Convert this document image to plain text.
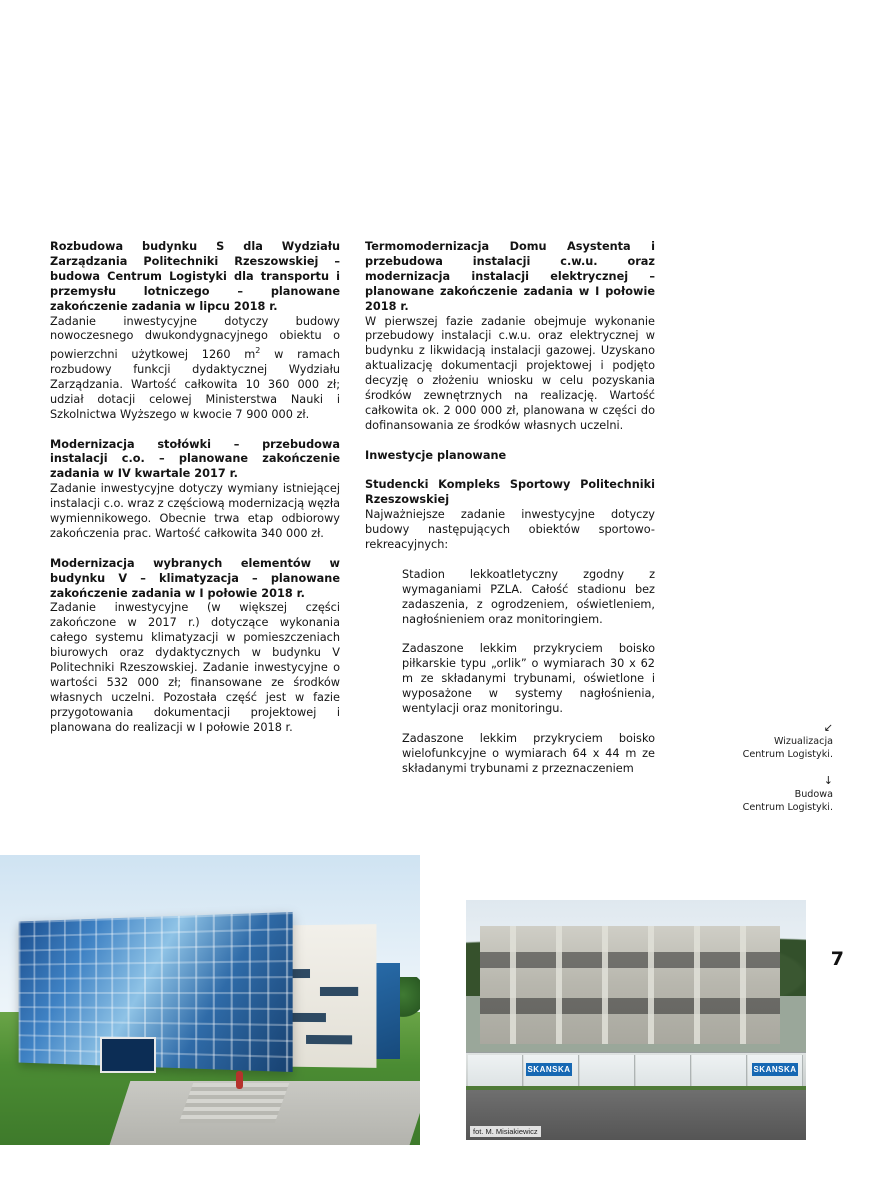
Rozbudowa budynku S dla Wydziału Zarządzania Politechniki Rzeszowskiej – budowa Centrum Logistyki dla transportu i przemysłu lotniczego – planowane zakończenie zadania w lipcu 2018 r.
Zadanie inwestycyjne dotyczy budowy nowoczesnego dwukondygnacyjnego obiektu o powierzchni użytkowej 1260 $m^2$ w ramach rozbudowy funkcji dydaktycznej Wydziału Zarządzania. Wartość całkowita 10 360 000 zł; udział dotacji celowej Ministerstwa Nauki i Szkolnictwa Wyższego w kwocie 7 900 000 zł.
Modernizacja stołówki – przebudowa instalacji c.o. – planowane zakończenie zadania w IV kwartale 2017 r.
Zadanie inwestycyjne dotyczy wymiany istniejącej instalacji c.o. wraz z częściową modernizacją węzła wymiennikowego. Obecnie trwa etap odbiorowy zakończenia prac. Wartość całkowita 340 000 zł.
Modernizacja wybranych elementów w budynku V – klimatyzacja – planowane zakończenie zadania w I połowie 2018 r.
Zadanie inwestycyjne (w większej części zakończone w 2017 r.) dotyczące wykonania całego systemu klimatyzacji w pomieszczeniach biurowych oraz dydaktycznych w budynku V Politechniki Rzeszowskiej. Zadanie inwestycyjne o wartości 532 000 zł; finansowane ze środków własnych uczelni. Pozostała część jest w fazie przygotowania dokumentacji projektowej i planowana do realizacji w I połowie 2018 r.
Termomodernizacja Domu Asystenta i przebudowa instalacji c.w.u. oraz modernizacja instalacji elektrycznej – planowane zakończenie zadania w I połowie 2018 r.
W pierwszej fazie zadanie obejmuje wykonanie przebudowy instalacji c.w.u. oraz elektrycznej w budynku z likwidacją instalacji gazowej. Uzyskano aktualizację dokumentacji projektowej i podjęto decyzję o złożeniu wniosku w celu pozyskania środków zewnętrznych na realizację. Wartość całkowita ok. 2 000 000 zł, planowana w części do dofinansowania ze środków własnych uczelni.
Inwestycje planowane
Studencki Kompleks Sportowy Politechniki Rzeszowskiej
Najważniejsze zadanie inwestycyjne dotyczy budowy następujących obiektów sportowo-rekreacyjnych:
Stadion lekkoatletyczny zgodny z wymaganiami PZLA. Całość stadionu bez zadaszenia, z ogrodzeniem, oświetleniem, nagłośnieniem oraz monitoringiem.
Zadaszone lekkim przykryciem boisko piłkarskie typu „orlik” o wymiarach 30 x 62 m ze składanymi trybunami, oświetlone i wyposażone w systemy nagłośnienia, wentylacji oraz monitoringu.
Zadaszone lekkim przykryciem boisko wielofunkcyjne o wymiarach 64 x 44 m ze składanymi trybunami z przeznaczeniem
↙
Wizualizacja
Centrum Logistyki.
↓
Budowa
Centrum Logistyki.
7
SKANSKA	SKANSKA
fot. M. Misiakiewicz
